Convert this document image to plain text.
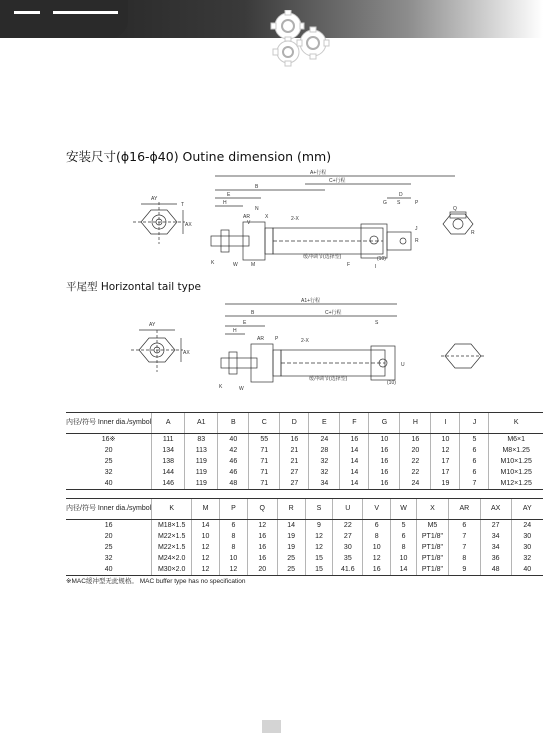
安装尺寸(ϕ16-ϕ40) Outine dimension (mm)
A+行程
C+行程
B
D
E
H
N
V
G S	P
W
K
AR	X
I
AY
AX
Q
J
M	F
R
2-X
缓冲调节(选择型)	(10)
T
R
平尾型 Horizontal tail type
A1+行程
B	C+行程
E
H
AR P	2-X
S
U
K	W
AY
AX
缓冲调节(选择型)
(10)
内径/符号 Inner dia./symbol	A	A1	B	C	D	E	F	G	H	I	J	K
16※	111	83	40	55	16	24	16	10	16	10	5	M6×1
20	134	113	42	71	21	28	14	16	20	12	6	M8×1.25
25	138	119	46	71	21	32	14	16	22	17	6	M10×1.25
32	144	119	46	71	27	32	14	16	22	17	6	M10×1.25
40	146	119	48	71	27	34	14	16	24	19	7	M12×1.25
内径/符号 Inner dia./symbol	K	M	P	Q	R	S	U	V	W	X	AR	AX	AY
16	M18×1.5	14	6	12	14	9	22	6	5	M5	6	27	24
20	M22×1.5	10	8	16	19	12	27	8	6	PT1/8"	7	34	30
25	M22×1.5	12	8	16	19	12	30	10	8	PT1/8"	7	34	30
32	M24×2.0	12	10	16	25	15	35	12	10	PT1/8"	8	36	32
40	M30×2.0	12	12	20	25	15	41.6	16	14	PT1/8"	9	48	40
※MAC缓冲型无此规格。 MAC buffer type has no specification
